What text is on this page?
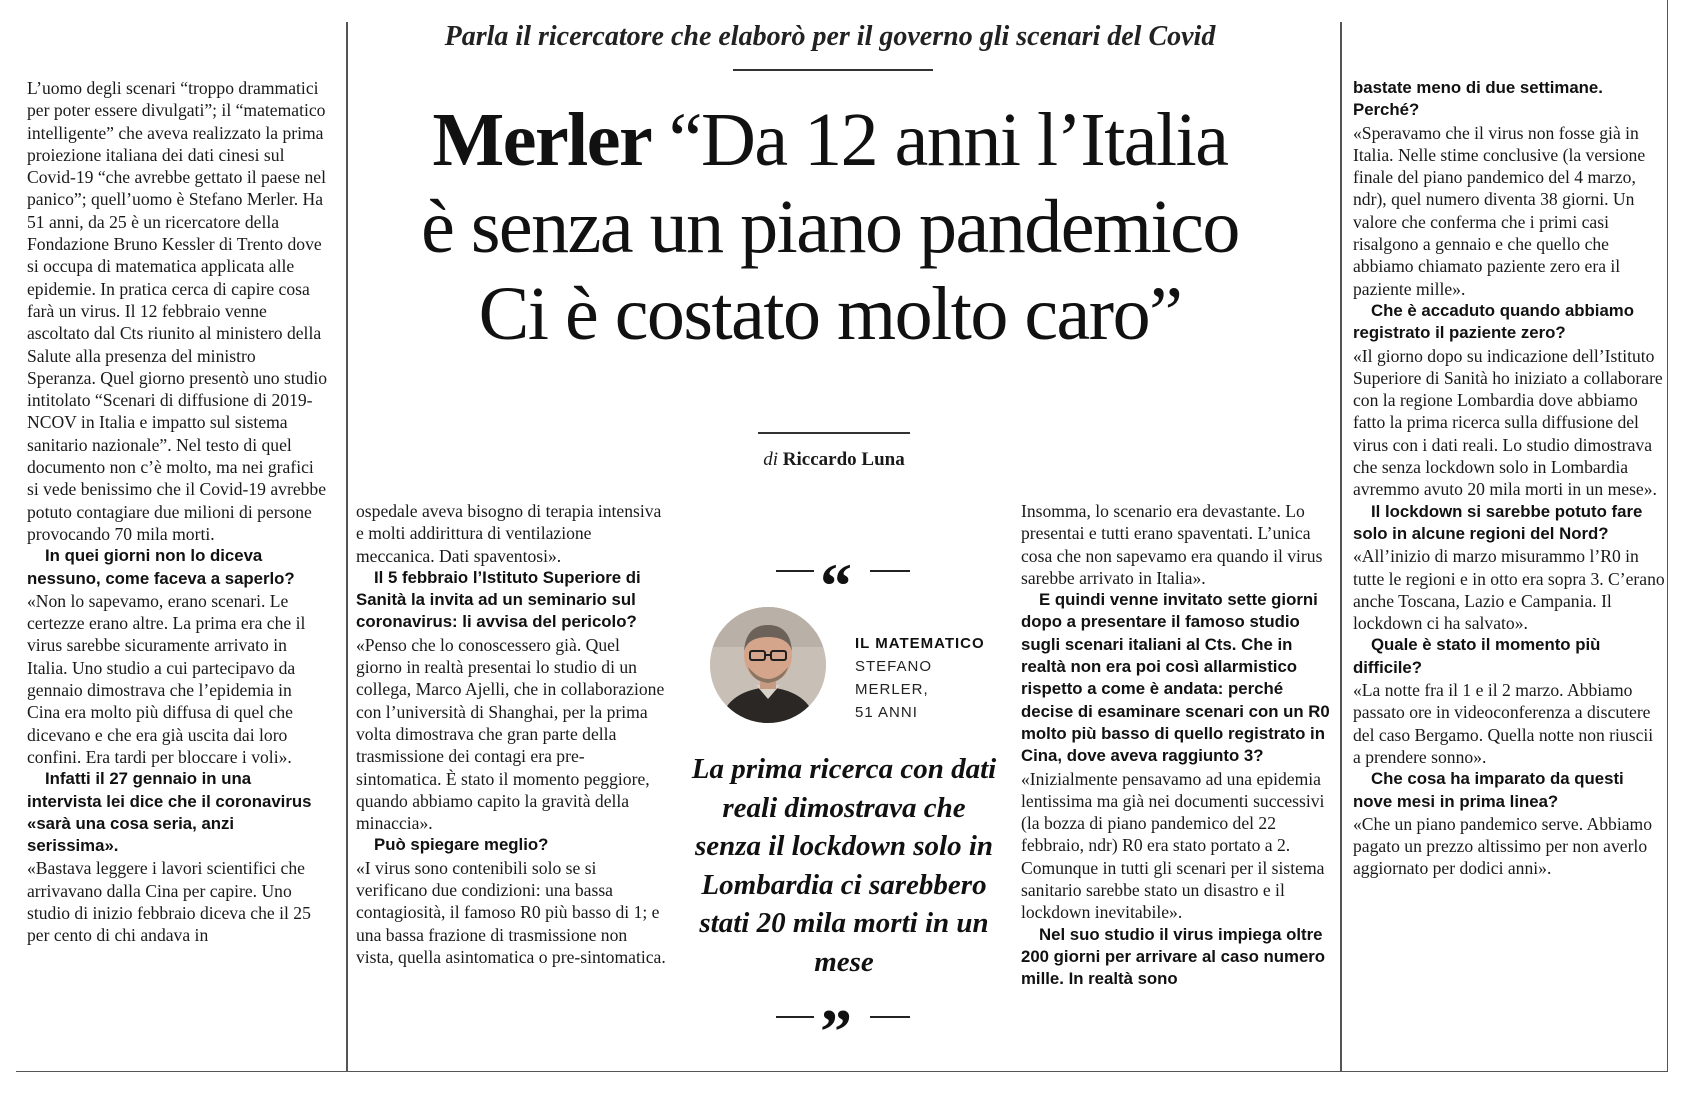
Parla il ricercatore che elaborò per il governo gli scenari del Covid
Merler “Da 12 anni l’Italia
è senza un piano pandemico
Ci è costato molto caro”
di Riccardo Luna

L’uomo degli scenari “troppo drammatici per poter essere divulgati”; il “matematico intelligente” che aveva realizzato la prima proiezione italiana dei dati cinesi sul Covid-19 “che avrebbe gettato il paese nel panico”; quell’uomo è Stefano Merler. Ha 51 anni, da 25 è un ricercatore della Fondazione Bruno Kessler di Trento dove si occupa di matematica applicata alle epidemie. In pratica cerca di capire cosa farà un virus. Il 12 febbraio venne ascoltato dal Cts riunito al ministero della Salute alla presenza del ministro Speranza. Quel giorno presentò uno studio intitolato “Scenari di diffusione di 2019-NCOV in Italia e impatto sul sistema sanitario nazionale”. Nel testo di quel documento non c’è molto, ma nei grafici si vede benissimo che il Covid-19 avrebbe potuto contagiare due milioni di persone provocando 70 mila morti.

In quei giorni non lo diceva nessuno, come faceva a saperlo?

«Non lo sapevamo, erano scenari. Le certezze erano altre. La prima era che il virus sarebbe sicuramente arrivato in Italia. Uno studio a cui partecipavo da gennaio dimostrava che l’epidemia in Cina era molto più diffusa di quel che dicevano e che era già uscita dai loro confini. Era tardi per bloccare i voli».

Infatti il 27 gennaio in una intervista lei dice che il coronavirus «sarà una cosa seria, anzi serissima».

«Bastava leggere i lavori scientifici che arrivavano dalla Cina per capire. Uno studio di inizio febbraio diceva che il 25 per cento di chi andava in

ospedale aveva bisogno di terapia intensiva e molti addirittura di ventilazione meccanica. Dati spaventosi».

Il 5 febbraio l’Istituto Superiore di Sanità la invita ad un seminario sul coronavirus: li avvisa del pericolo?

«Penso che lo conoscessero già. Quel giorno in realtà presentai lo studio di un collega, Marco Ajelli, che in collaborazione con l’università di Shanghai, per la prima volta dimostrava che gran parte della trasmissione dei contagi era pre-sintomatica. È stato il momento peggiore, quando abbiamo capito la gravità della minaccia».

Può spiegare meglio?

«I virus sono contenibili solo se si verificano due condizioni: una bassa contagiosità, il famoso R0 più basso di 1; e una bassa frazione di trasmissione non vista, quella asintomatica o pre-sintomatica.

“
IL MATEMATICO
STEFANO
MERLER,
51 ANNI
La prima ricerca con dati reali dimostrava che senza il lockdown solo in Lombardia ci sarebbero stati 20 mila morti in un mese
”

Insomma, lo scenario era devastante. Lo presentai e tutti erano spaventati. L’unica cosa che non sapevamo era quando il virus sarebbe arrivato in Italia».

E quindi venne invitato sette giorni dopo a presentare il famoso studio sugli scenari italiani al Cts. Che in realtà non era poi così allarmistico rispetto a come è andata: perché decise di esaminare scenari con un R0 molto più basso di quello registrato in Cina, dove aveva raggiunto 3?

«Inizialmente pensavamo ad una epidemia lentissima ma già nei documenti successivi (la bozza di piano pandemico del 22 febbraio, ndr) R0 era stato portato a 2. Comunque in tutti gli scenari per il sistema sanitario sarebbe stato un disastro e il lockdown inevitabile».

Nel suo studio il virus impiega oltre 200 giorni per arrivare al caso numero mille. In realtà sono

bastate meno di due settimane. Perché?

«Speravamo che il virus non fosse già in Italia. Nelle stime conclusive (la versione finale del piano pandemico del 4 marzo, ndr), quel numero diventa 38 giorni. Un valore che conferma che i primi casi risalgono a gennaio e che quello che abbiamo chiamato paziente zero era il paziente mille».

Che è accaduto quando abbiamo registrato il paziente zero?

«Il giorno dopo su indicazione dell’Istituto Superiore di Sanità ho iniziato a collaborare con la regione Lombardia dove abbiamo fatto la prima ricerca sulla diffusione del virus con i dati reali. Lo studio dimostrava che senza lockdown solo in Lombardia avremmo avuto 20 mila morti in un mese».

Il lockdown si sarebbe potuto fare solo in alcune regioni del Nord?

«All’inizio di marzo misurammo l’R0 in tutte le regioni e in otto era sopra 3. C’erano anche Toscana, Lazio e Campania. Il lockdown ci ha salvato».

Quale è stato il momento più difficile?

«La notte fra il 1 e il 2 marzo. Abbiamo passato ore in videoconferenza a discutere del caso Bergamo. Quella notte non riuscii a prendere sonno».

Che cosa ha imparato da questi nove mesi in prima linea?

«Che un piano pandemico serve. Abbiamo pagato un prezzo altissimo per non averlo aggiornato per dodici anni».
